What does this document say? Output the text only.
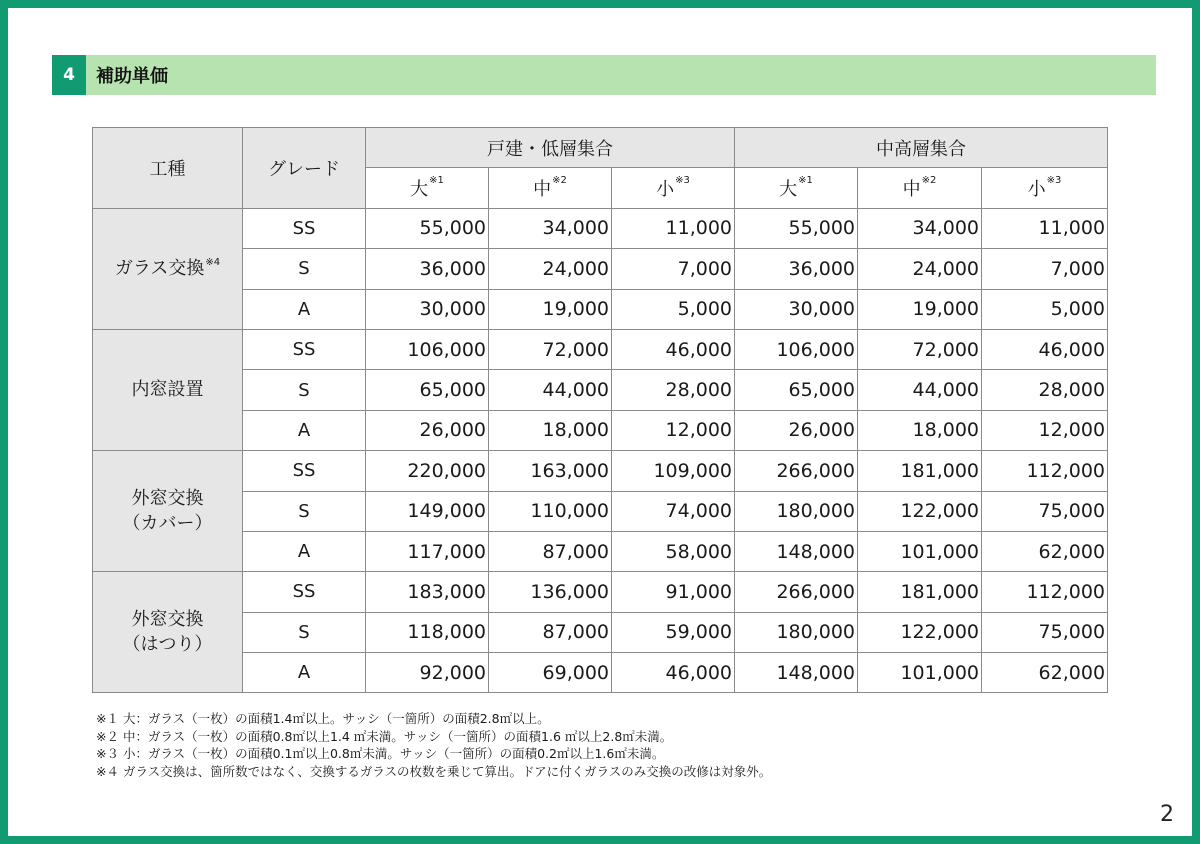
4	補助単価
工種	グレード	戸建・低層集合			中高層集合		
		大$^{※1}$	中$^{※2}$	小$^{※3}$	大$^{※1}$	中$^{※2}$	小$^{※3}$
ガラス交換$^{※4}$	SS	55,000	34,000	11,000	55,000	34,000	11,000
	S	36,000	24,000	7,000	36,000	24,000	7,000
	A	30,000	19,000	5,000	30,000	19,000	5,000
内窓設置	SS	106,000	72,000	46,000	106,000	72,000	46,000
	S	65,000	44,000	28,000	65,000	44,000	28,000
	A	26,000	18,000	12,000	26,000	18,000	12,000
外窓交換
（カバー）	SS	220,000	163,000	109,000	266,000	181,000	112,000
	S	149,000	110,000	74,000	180,000	122,000	75,000
	A	117,000	87,000	58,000	148,000	101,000	62,000
外窓交換
（はつり）	SS	183,000	136,000	91,000	266,000	181,000	112,000
	S	118,000	87,000	59,000	180,000	122,000	75,000
	A	92,000	69,000	46,000	148,000	101,000	62,000
※１ 大：ガラス（一枚）の面積1.4㎡以上。サッシ（一箇所）の面積2.8㎡以上。
※２ 中：ガラス（一枚）の面積0.8㎡以上1.4 ㎡未満。サッシ（一箇所）の面積1.6 ㎡以上2.8㎡未満。
※３ 小：ガラス（一枚）の面積0.1㎡以上0.8㎡未満。サッシ（一箇所）の面積0.2㎡以上1.6㎡未満。
※４ ガラス交換は、箇所数ではなく、交換するガラスの枚数を乗じて算出。ドアに付くガラスのみ交換の改修は対象外。
2
